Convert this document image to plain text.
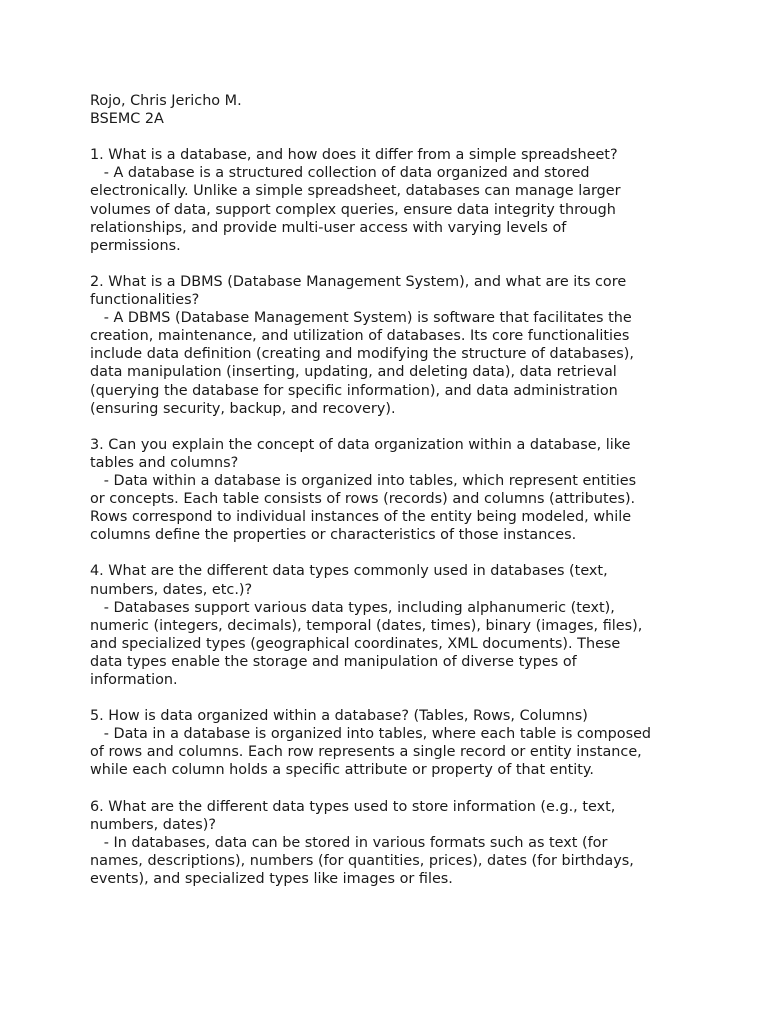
Rojo, Chris Jericho M.
BSEMC 2A
1. What is a database, and how does it differ from a simple spreadsheet?
- A database is a structured collection of data organized and stored
electronically. Unlike a simple spreadsheet, databases can manage larger
volumes of data, support complex queries, ensure data integrity through
relationships, and provide multi-user access with varying levels of
permissions.
2. What is a DBMS (Database Management System), and what are its core
functionalities?
- A DBMS (Database Management System) is software that facilitates the
creation, maintenance, and utilization of databases. Its core functionalities
include data definition (creating and modifying the structure of databases),
data manipulation (inserting, updating, and deleting data), data retrieval
(querying the database for specific information), and data administration
(ensuring security, backup, and recovery).
3. Can you explain the concept of data organization within a database, like
tables and columns?
- Data within a database is organized into tables, which represent entities
or concepts. Each table consists of rows (records) and columns (attributes).
Rows correspond to individual instances of the entity being modeled, while
columns define the properties or characteristics of those instances.
4. What are the different data types commonly used in databases (text,
numbers, dates, etc.)?
- Databases support various data types, including alphanumeric (text),
numeric (integers, decimals), temporal (dates, times), binary (images, files),
and specialized types (geographical coordinates, XML documents). These
data types enable the storage and manipulation of diverse types of
information.
5. How is data organized within a database? (Tables, Rows, Columns)
- Data in a database is organized into tables, where each table is composed
of rows and columns. Each row represents a single record or entity instance,
while each column holds a specific attribute or property of that entity.
6. What are the different data types used to store information (e.g., text,
numbers, dates)?
- In databases, data can be stored in various formats such as text (for
names, descriptions), numbers (for quantities, prices), dates (for birthdays,
events), and specialized types like images or files.
